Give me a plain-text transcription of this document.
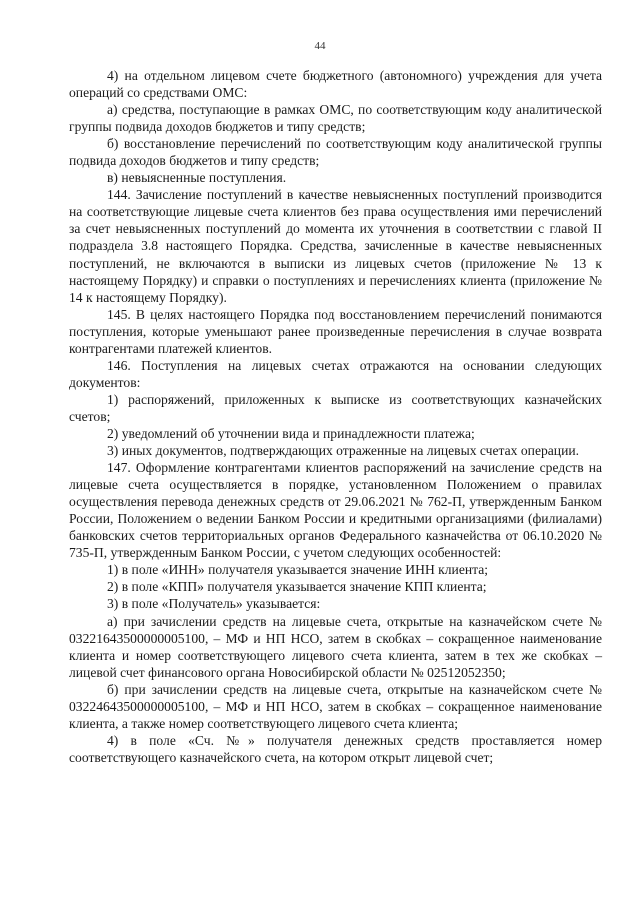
44

4) на отдельном лицевом счете бюджетного (автономного) учреждения для учета операций со средствами ОМС:

а) средства, поступающие в рамках ОМС, по соответствующим коду аналитической группы подвида доходов бюджетов и типу средств;

б) восстановление перечислений по соответствующим коду аналитической группы подвида доходов бюджетов и типу средств;

в) невыясненные поступления.

144. Зачисление поступлений в качестве невыясненных поступлений производится на соответствующие лицевые счета клиентов без права осуществления ими перечислений за счет невыясненных поступлений до момента их уточнения в соответствии с главой II подраздела 3.8 настоящего Порядка. Средства, зачисленные в качестве невыясненных поступлений, не включаются в выписки из лицевых счетов (приложение № 13 к настоящему Порядку) и справки о поступлениях и перечислениях клиента (приложение № 14 к настоящему Порядку).

145. В целях настоящего Порядка под восстановлением перечислений понимаются поступления, которые уменьшают ранее произведенные перечисления в случае возврата контрагентами платежей клиентов.

146. Поступления на лицевых счетах отражаются на основании следующих документов:

1) распоряжений, приложенных к выписке из соответствующих казначейских счетов;

2) уведомлений об уточнении вида и принадлежности платежа;

3) иных документов, подтверждающих отраженные на лицевых счетах операции.

147. Оформление контрагентами клиентов распоряжений на зачисление средств на лицевые счета осуществляется в порядке, установленном Положением о правилах осуществления перевода денежных средств от 29.06.2021 № 762-П, утвержденным Банком России, Положением о ведении Банком России и кредитными организациями (филиалами) банковских счетов территориальных органов Федерального казначейства от 06.10.2020 № 735-П, утвержденным Банком России, с учетом следующих особенностей:

1) в поле «ИНН» получателя указывается значение ИНН клиента;

2) в поле «КПП» получателя указывается значение КПП клиента;

3) в поле «Получатель» указывается:

а) при зачислении средств на лицевые счета, открытые на казначейском счете № 03221643500000005100, – МФ и НП НСО, затем в скобках – сокращенное наименование клиента и номер соответствующего лицевого счета клиента, затем в тех же скобках – лицевой счет финансового органа Новосибирской области № 02512052350;

б) при зачислении средств на лицевые счета, открытые на казначейском счете № 03224643500000005100, – МФ и НП НСО, затем в скобках – сокращенное наименование клиента, а также номер соответствующего лицевого счета клиента;

4) в поле «Сч. №» получателя денежных средств проставляется номер соответствующего казначейского счета, на котором открыт лицевой счет;
